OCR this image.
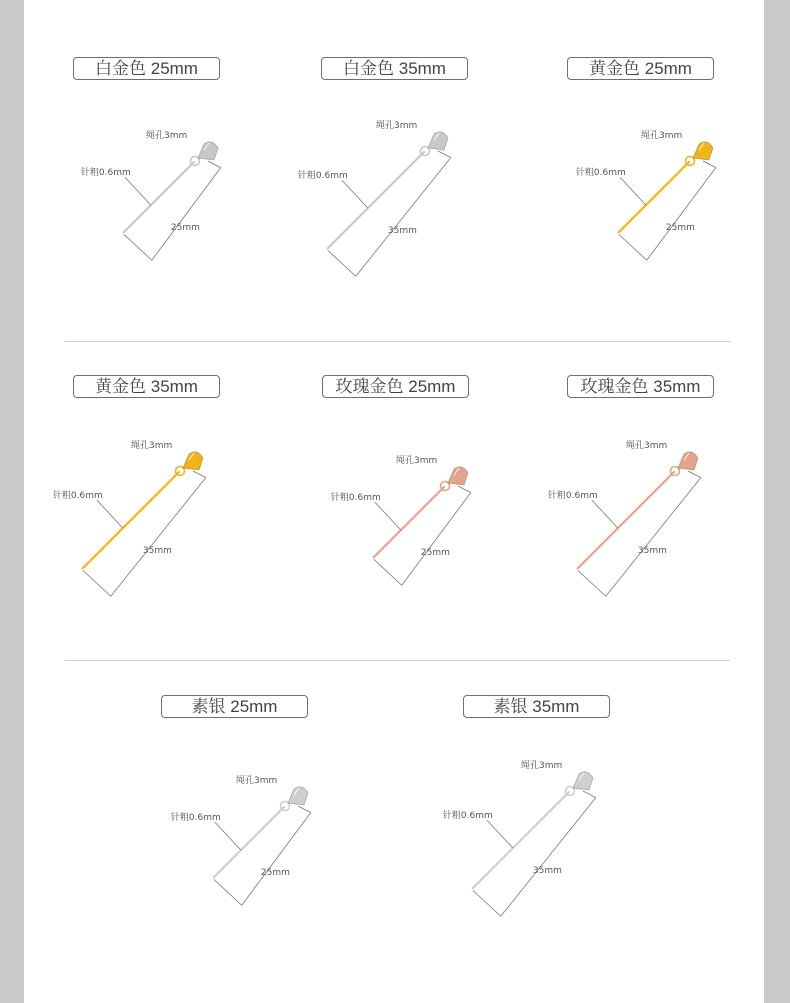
白金色 25mm
绳孔3mm
针粗0.6mm
25mm
白金色 35mm
绳孔3mm
针粗0.6mm
35mm
黄金色 25mm
绳孔3mm
针粗0.6mm
25mm
黄金色 35mm
绳孔3mm
针粗0.6mm
35mm
玫瑰金色 25mm
绳孔3mm
针粗0.6mm
25mm
玫瑰金色 35mm
绳孔3mm
针粗0.6mm
35mm
素银 25mm
绳孔3mm
针粗0.6mm
25mm
素银 35mm
绳孔3mm
针粗0.6mm
35mm
